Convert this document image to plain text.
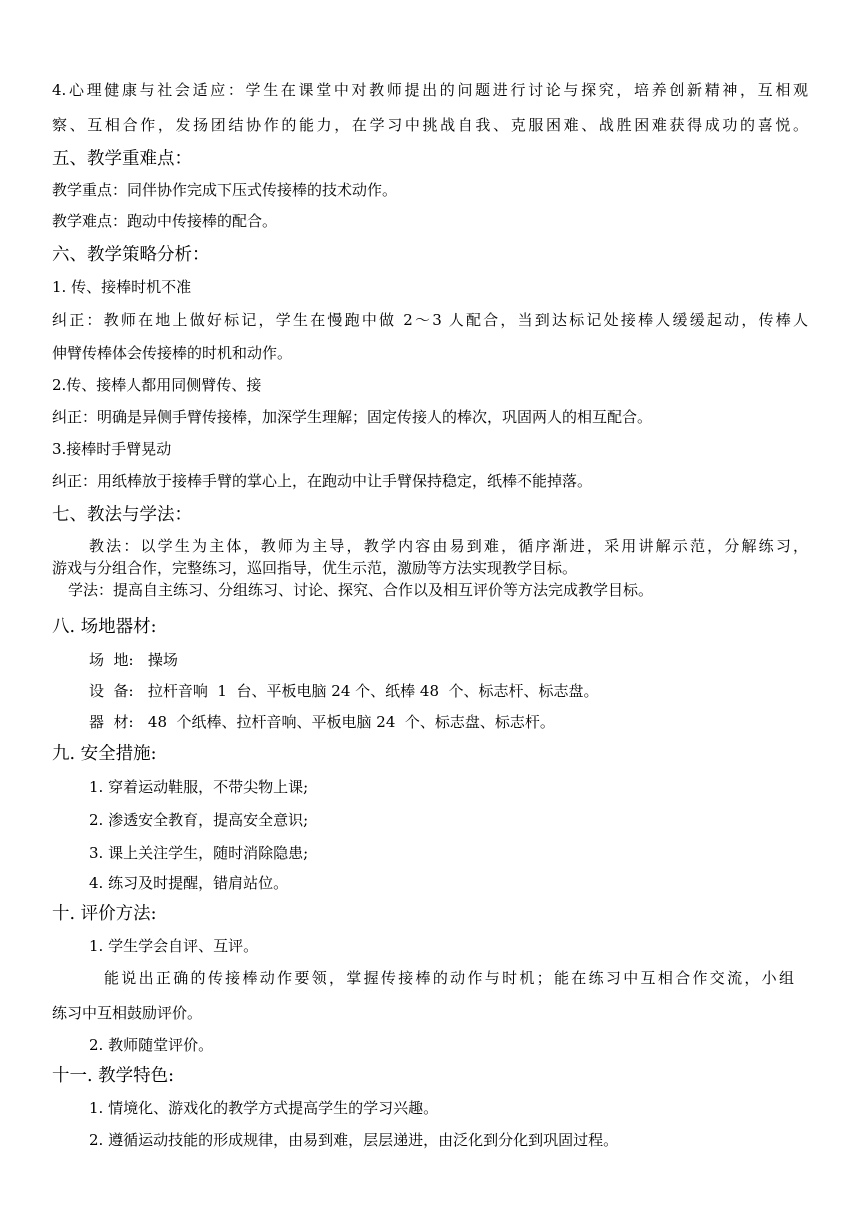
4.心理健康与社会适应：学生在课堂中对教师提出的问题进行讨论与探究，培养创新精神，互相观
察、互相合作，发扬团结协作的能力，在学习中挑战自我、克服困难、战胜困难获得成功的喜悦。
五、教学重难点：
教学重点：同伴协作完成下压式传接棒的技术动作。
教学难点：跑动中传接棒的配合。
六、教学策略分析：
1. 传、接棒时机不准
纠正：教师在地上做好标记，学生在慢跑中做 2～3 人配合，当到达标记处接棒人缓缓起动，传棒人
伸臂传棒体会传接棒的时机和动作。
2.传、接棒人都用同侧臂传、接
纠正：明确是异侧手臂传接棒，加深学生理解；固定传接人的棒次，巩固两人的相互配合。
3.接棒时手臂晃动
纠正：用纸棒放于接棒手臂的掌心上，在跑动中让手臂保持稳定，纸棒不能掉落。
七、教法与学法：
教法：以学生为主体，教师为主导，教学内容由易到难，循序渐进，采用讲解示范，分解练习，
游戏与分组合作，完整练习，巡回指导，优生示范，激励等方法实现教学目标。
学法：提高自主练习、分组练习、讨论、探究、合作以及相互评价等方法完成教学目标。
八. 场地器材:
场  地:   操场
设  备:   拉杆音响  1  台、平板电脑 24 个、纸棒 48  个、标志杆、标志盘。
器  材:   48  个纸棒、拉杆音响、平板电脑 24  个、标志盘、标志杆。
九. 安全措施:
1. 穿着运动鞋服，不带尖物上课;
2. 渗透安全教育，提高安全意识;
3. 课上关注学生，随时消除隐患;
4. 练习及时提醒，错肩站位。
十. 评价方法:
1. 学生学会自评、互评。
能说出正确的传接棒动作要领，掌握传接棒的动作与时机；能在练习中互相合作交流，小组
练习中互相鼓励评价。
2. 教师随堂评价。
十一. 教学特色:
1. 情境化、游戏化的教学方式提高学生的学习兴趣。
2. 遵循运动技能的形成规律，由易到难，层层递进，由泛化到分化到巩固过程。
